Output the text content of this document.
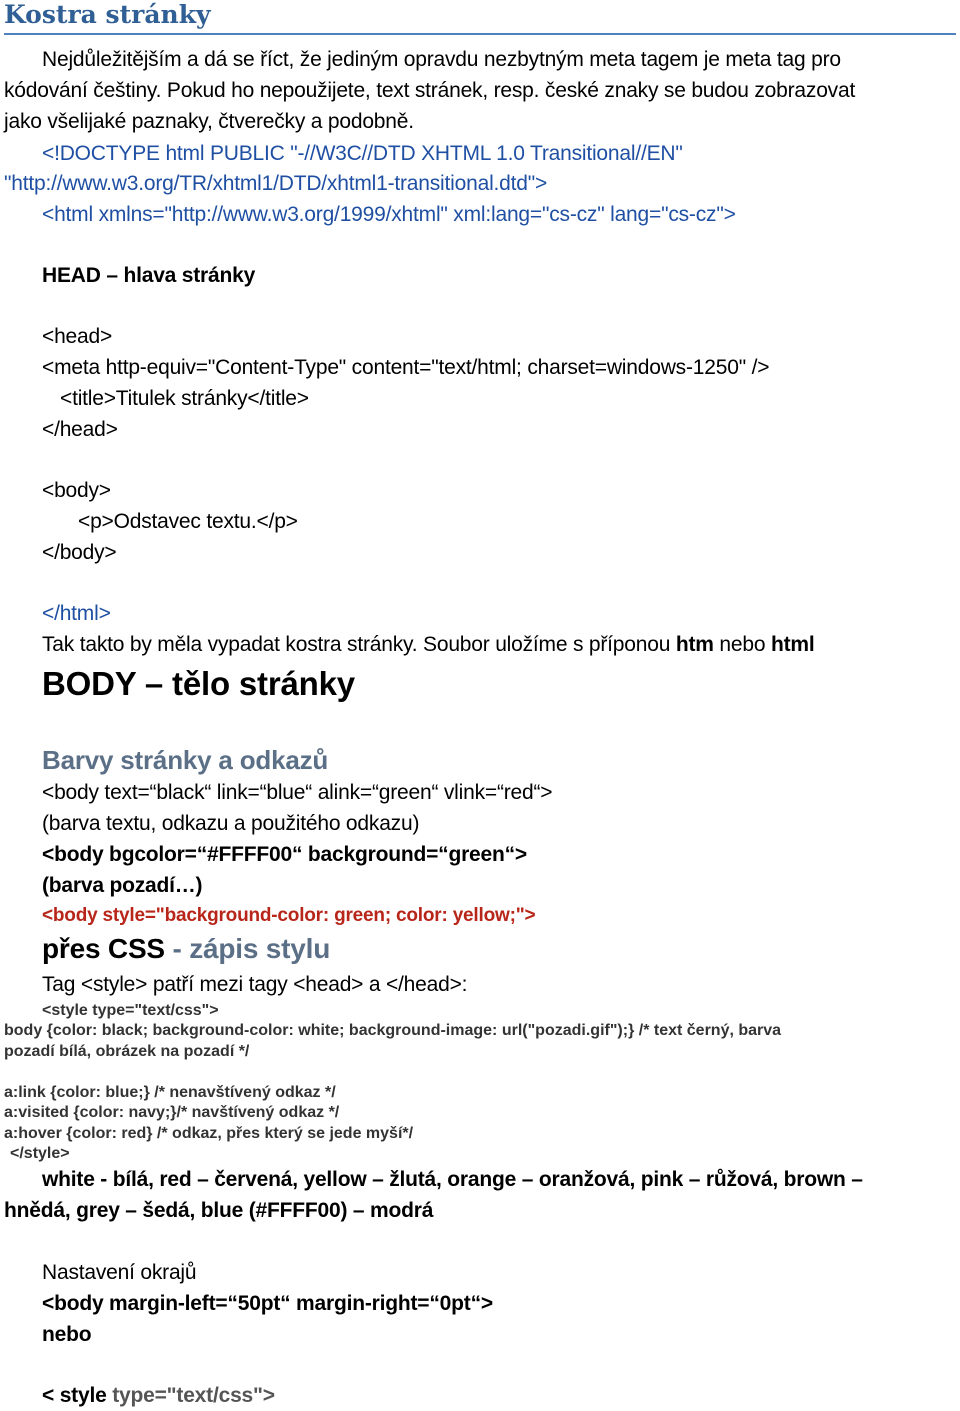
Kostra stránky
Nejdůležitějším a dá se říct, že jediným opravdu nezbytným meta tagem je meta tag pro
kódování češtiny. Pokud ho nepoužijete, text stránek, resp. české znaky se budou zobrazovat
jako všelijaké paznaky, čtverečky a podobně.
<!DOCTYPE html PUBLIC "-//W3C//DTD XHTML 1.0 Transitional//EN"
"http://www.w3.org/TR/xhtml1/DTD/xhtml1-transitional.dtd">
<html xmlns="http://www.w3.org/1999/xhtml" xml:lang="cs-cz" lang="cs-cz">
HEAD – hlava stránky
<head>
<meta http-equiv="Content-Type" content="text/html; charset=windows-1250" />
<title>Titulek stránky</title>
</head>
<body>
<p>Odstavec textu.</p>
</body>
</html>
Tak takto by měla vypadat kostra stránky. Soubor uložíme s příponou htm nebo html
BODY – tělo stránky
Barvy stránky a odkazů
<body text=“black“ link=“blue“ alink=“green“ vlink=“red“>
(barva textu, odkazu a použitého odkazu)
<body bgcolor=“#FFFF00“ background=“green“>
(barva pozadí…)
<body style="background-color: green; color: yellow;">
přes CSS - zápis stylu
Tag <style> patří mezi tagy <head> a </head>:
<style type="text/css">
body {color: black; background-color: white; background-image: url("pozadi.gif");} /* text černý, barva
pozadí bílá, obrázek na pozadí */
a:link {color: blue;} /* nenavštívený odkaz */
a:visited {color: navy;}/* navštívený odkaz */
a:hover {color: red} /* odkaz, přes který se jede myší*/
</style>
white - bílá, red – červená, yellow – žlutá, orange – oranžová, pink – růžová, brown –
hnědá, grey – šedá, blue (#FFFF00) – modrá
Nastavení okrajů
<body margin-left=“50pt“ margin-right=“0pt“>
nebo
< style type="text/css">
